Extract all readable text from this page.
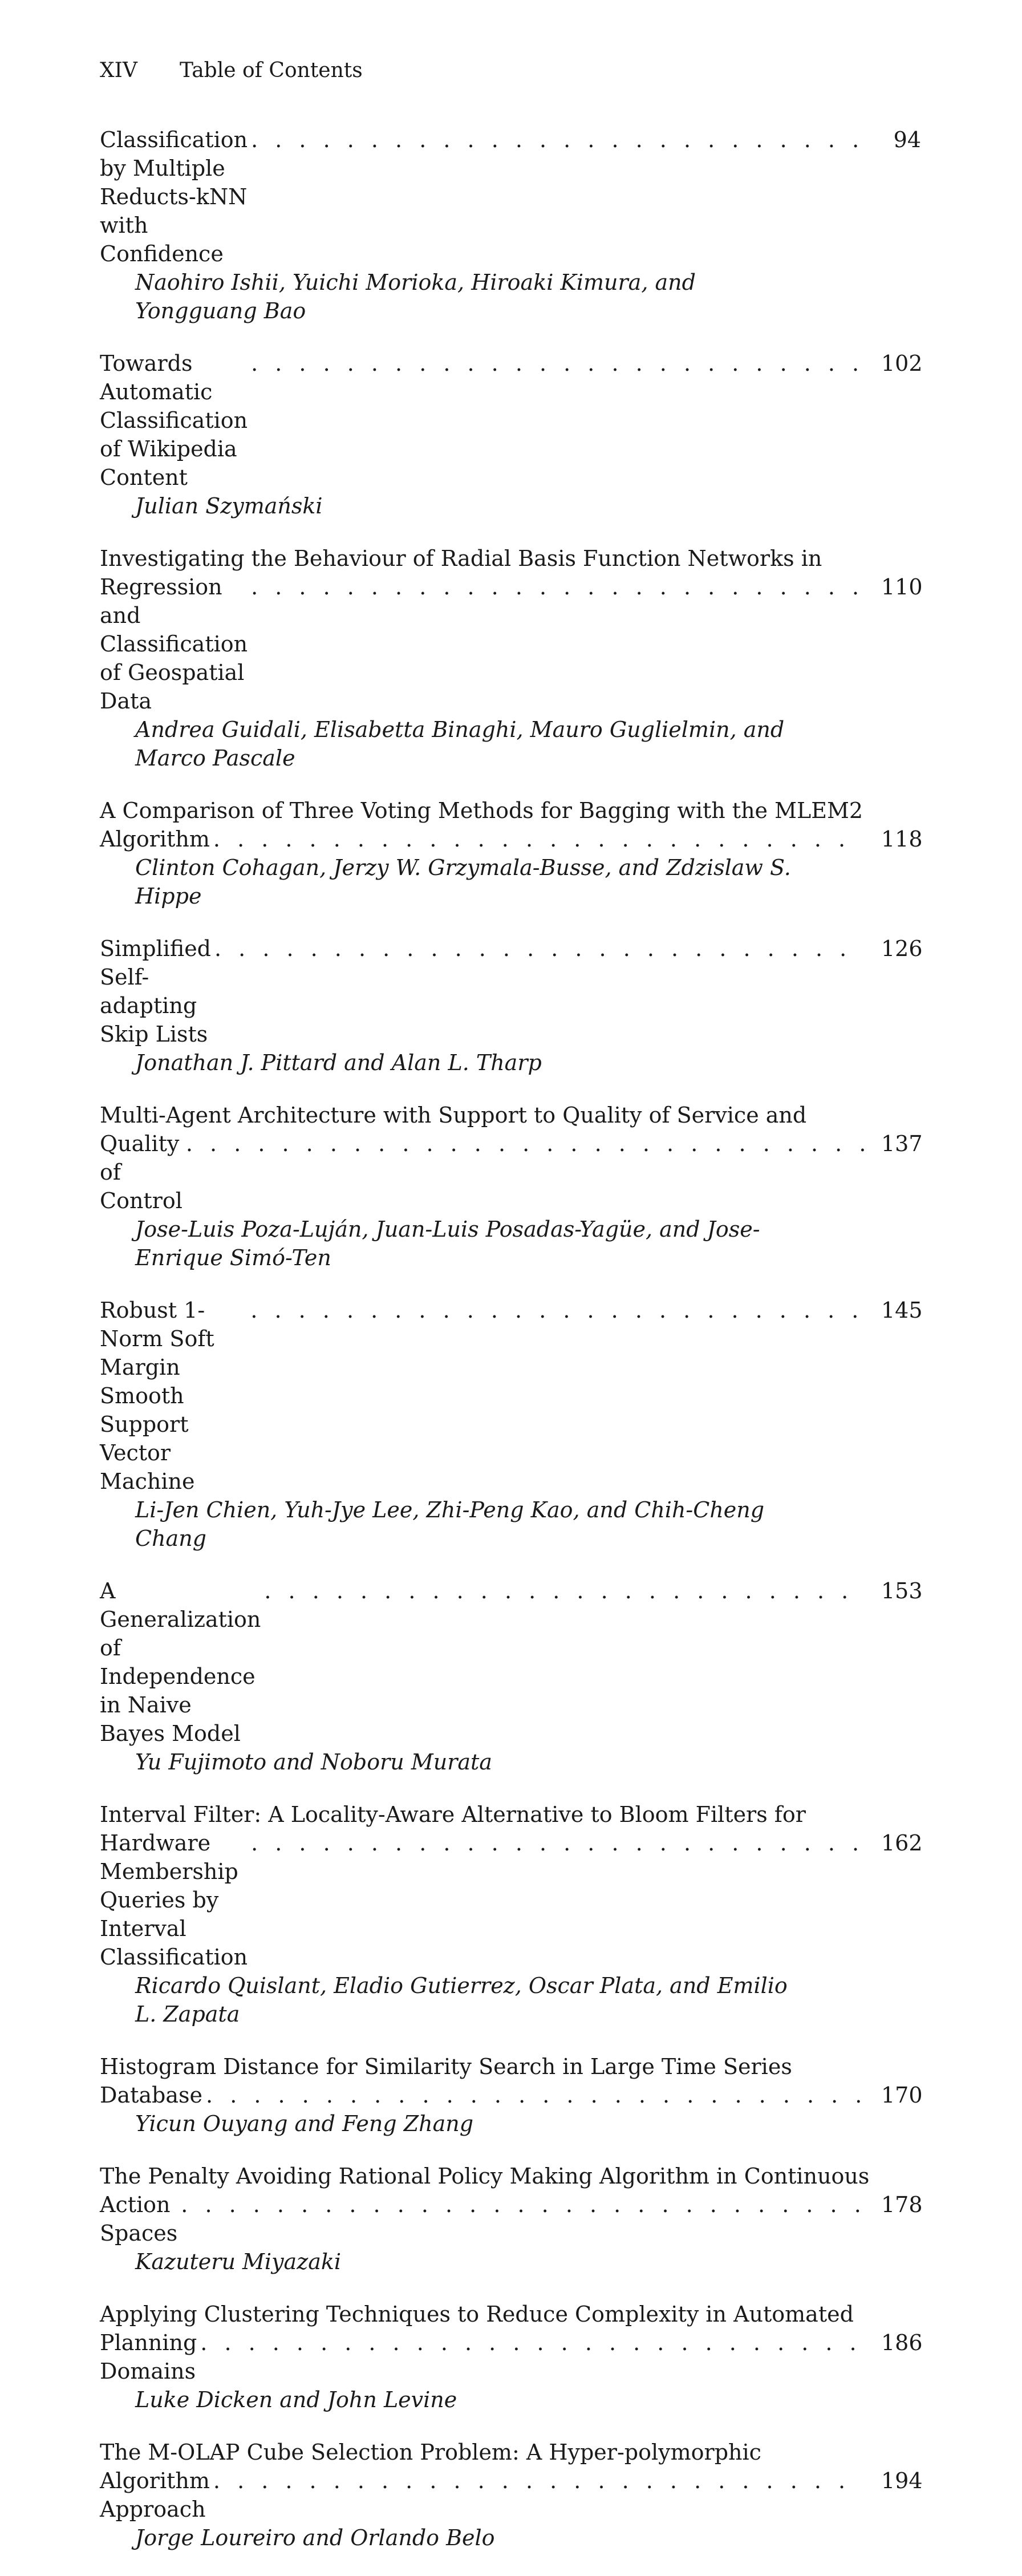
XIV Table of Contents
Classification by Multiple Reducts-kNN with Confidence
. . .
94
Naohiro Ishii, Yuichi Morioka, Hiroaki Kimura, and Yongguang Bao
Towards Automatic Classification of Wikipedia Content
. . .
102
Julian Szymański
Investigating the Behaviour of Radial Basis Function Networks in
Regression and Classification of Geospatial Data
. . .
110
Andrea Guidali, Elisabetta Binaghi, Mauro Guglielmin, and Marco Pascale
A Comparison of Three Voting Methods for Bagging with the MLEM2
Algorithm . . .	118
Clinton Cohagan, Jerzy W. Grzymala-Busse, and Zdzislaw S. Hippe
Simplified Self-adapting Skip Lists
. . .
126
Jonathan J. Pittard and Alan L. Tharp
Multi-Agent Architecture with Support to Quality of Service and
Quality of Control
. . .
137
Jose-Luis Poza-Luján, Juan-Luis Posadas-Yagüe, and Jose-Enrique Simó-Ten
Robust 1-Norm Soft Margin Smooth Support Vector Machine
. . .
145
Li-Jen Chien, Yuh-Jye Lee, Zhi-Peng Kao, and Chih-Cheng Chang
A Generalization of Independence in Naive Bayes Model
. . .
153
Yu Fujimoto and Noboru Murata
Interval Filter: A Locality-Aware Alternative to Bloom Filters for
Hardware Membership Queries by Interval Classification
. . .
162
Ricardo Quislant, Eladio Gutierrez, Oscar Plata, and Emilio L. Zapata
Histogram Distance for Similarity Search in Large Time Series
Database . . .	170
Yicun Ouyang and Feng Zhang
The Penalty Avoiding Rational Policy Making Algorithm in Continuous
Action Spaces
. . .
178
Kazuteru Miyazaki
Applying Clustering Techniques to Reduce Complexity in Automated
Planning Domains
. . .
186
Luke Dicken and John Levine
The M-OLAP Cube Selection Problem: A Hyper-polymorphic
Algorithm Approach
. . .
194
Jorge Loureiro and Orlando Belo
